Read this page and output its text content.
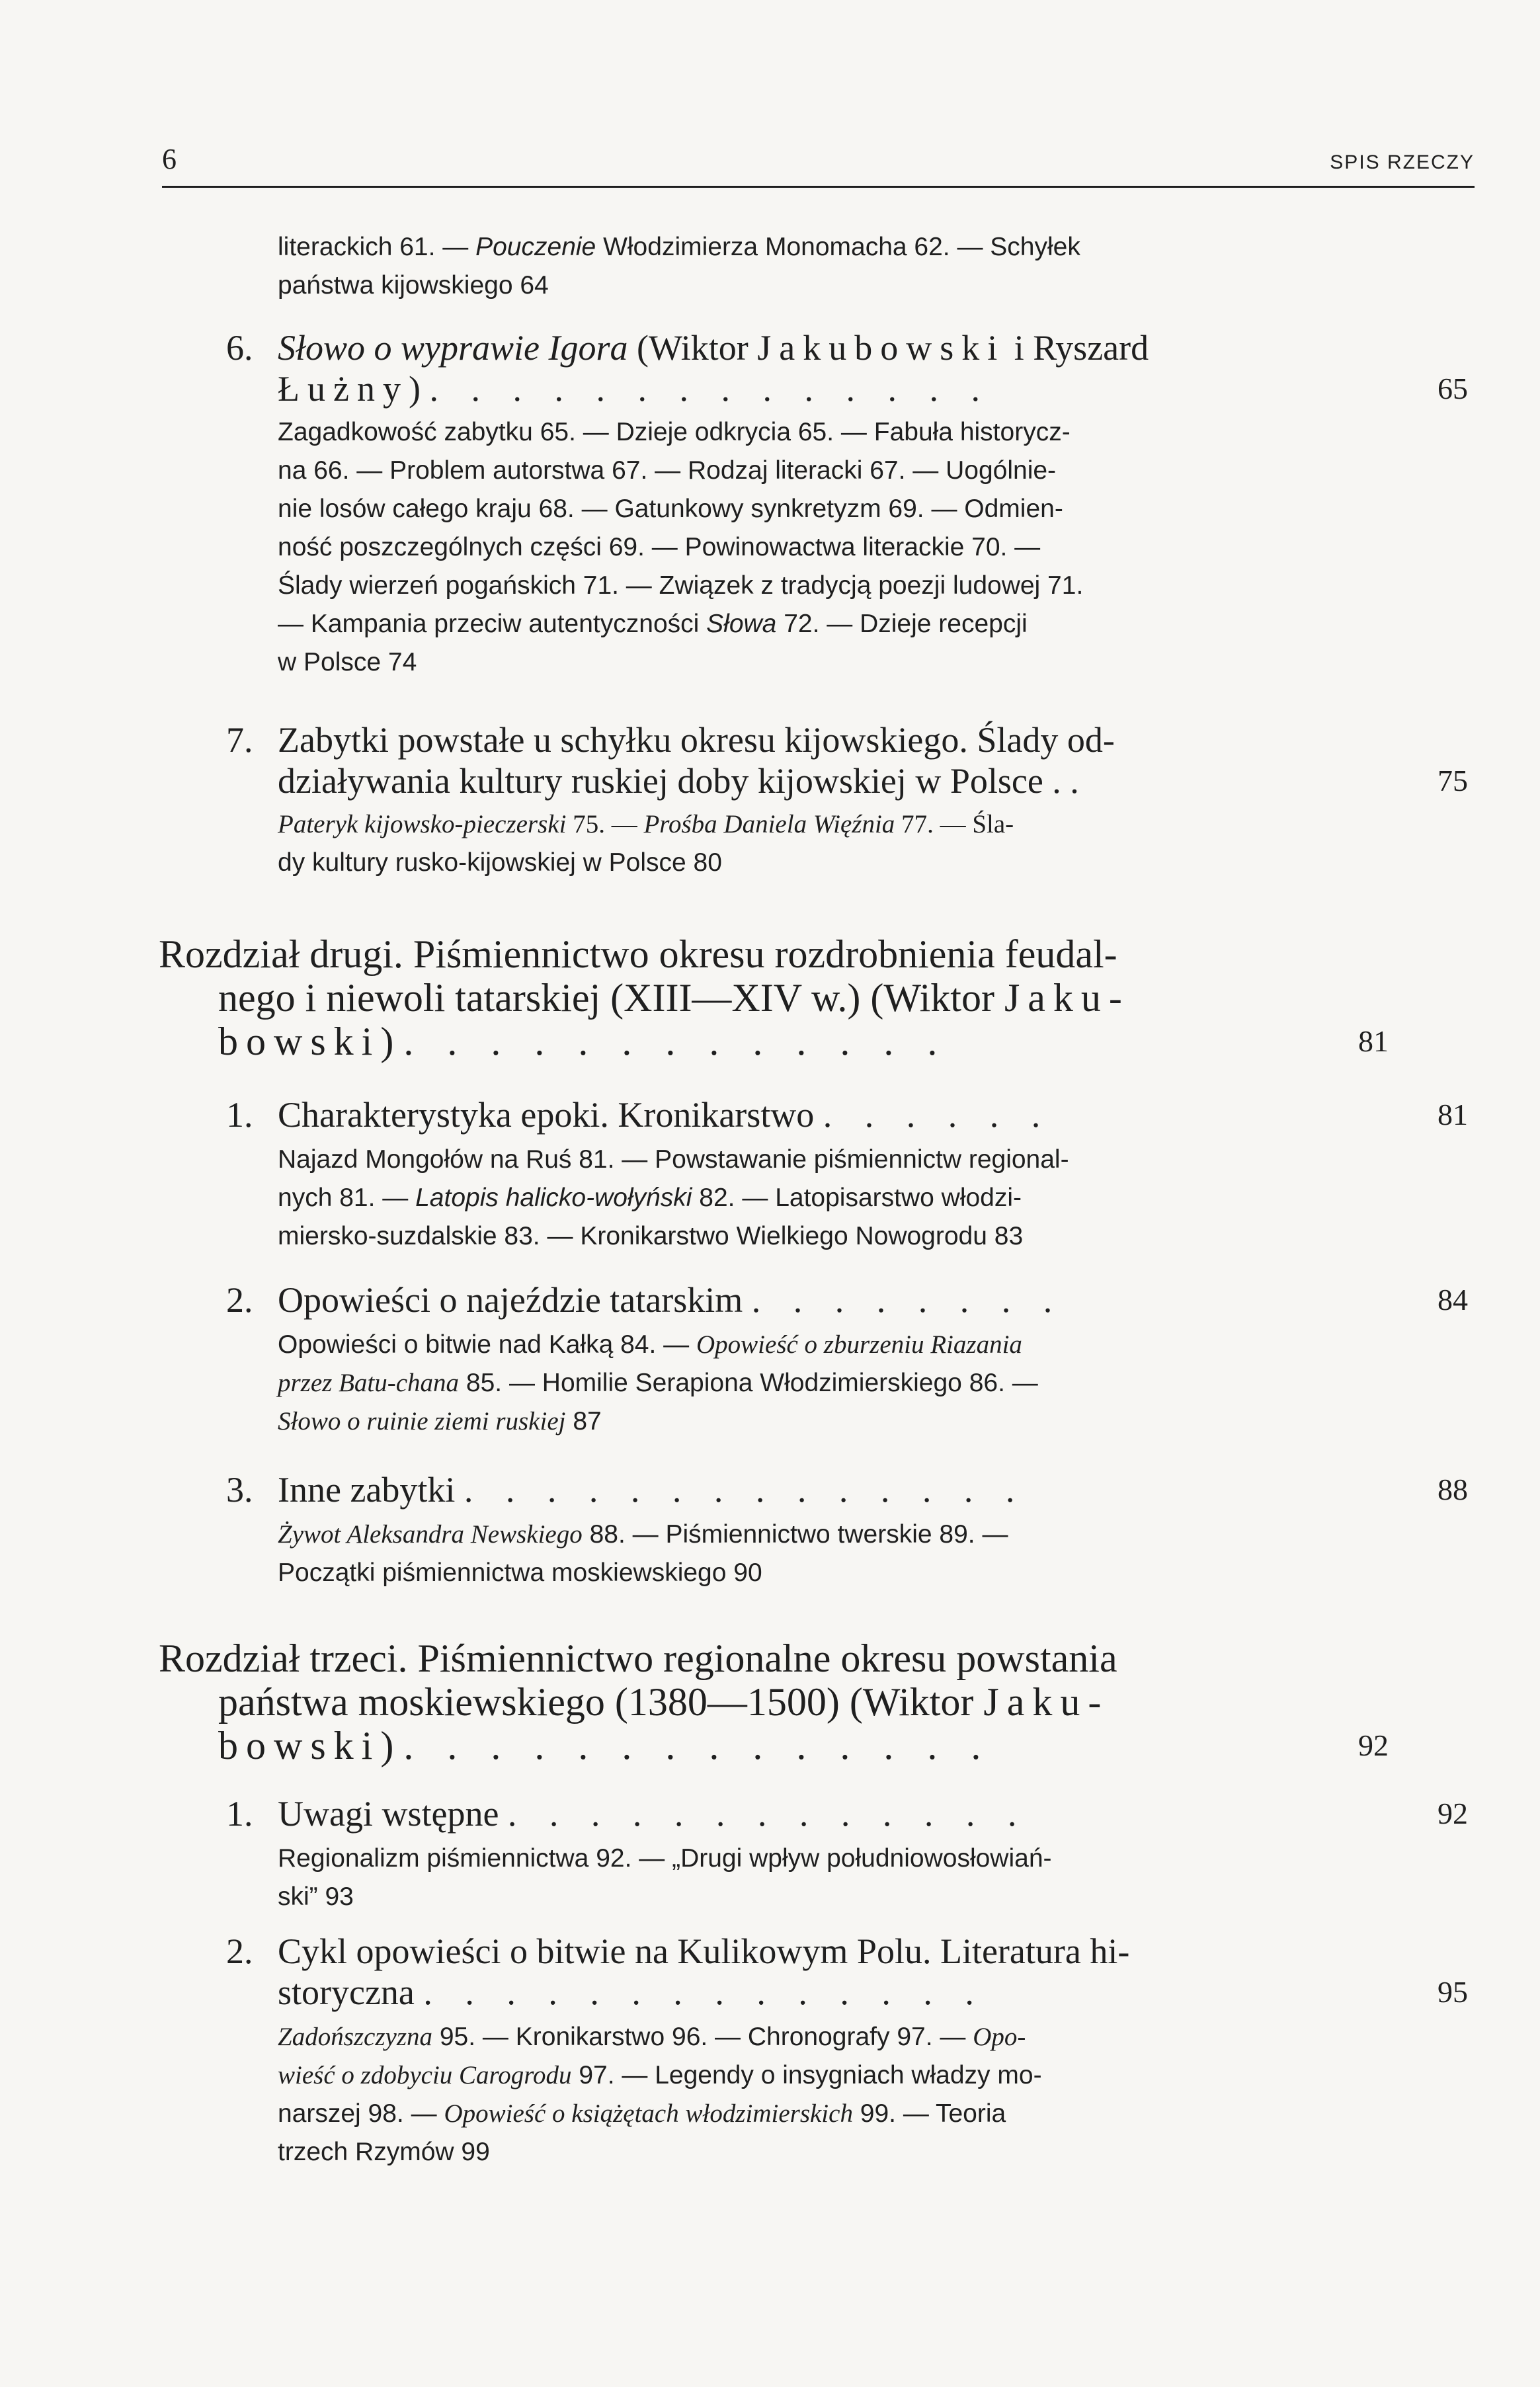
6	SPIS RZECZY
literackich 61. — Pouczenie Włodzimierza Monomacha 62. — Schyłek
państwa kijowskiego 64
6. Słowo o wyprawie Igora (Wiktor Jakubowski i Ryszard
Łużny) . . . . . . . . . . . . . .	65
Zagadkowość zabytku 65. — Dzieje odkrycia 65. — Fabuła historycz-
na 66. — Problem autorstwa 67. — Rodzaj literacki 67. — Uogólnie-
nie losów całego kraju 68. — Gatunkowy synkretyzm 69. — Odmien-
ność poszczególnych części 69. — Powinowactwa literackie 70. —
Ślady wierzeń pogańskich 71. — Związek z tradycją poezji ludowej 71.
— Kampania przeciw autentyczności Słowa 72. — Dzieje recepcji
w Polsce 74
7. Zabytki powstałe u schyłku okresu kijowskiego. Ślady od-
działywania kultury ruskiej doby kijowskiej w Polsce . .	75
Pateryk kijowsko-pieczerski 75. — Prośba Daniela Więźnia 77. — Śla-
dy kultury rusko-kijowskiej w Polsce 80
Rozdział drugi. Piśmiennictwo okresu rozdrobnienia feudal-
nego i niewoli tatarskiej (XIII—XIV w.) (Wiktor Jaku-
bowski) . . . . . . . . . . . . .	81
1. Charakterystyka epoki. Kronikarstwo . . . . . .	81
Najazd Mongołów na Ruś 81. — Powstawanie piśmiennictw regional-
nych 81. — Latopis halicko-wołyński 82. — Latopisarstwo włodzi-
miersko-suzdalskie 83. — Kronikarstwo Wielkiego Nowogrodu 83
2. Opowieści o najeździe tatarskim . . . . . . . .	84
Opowieści o bitwie nad Kałką 84. — Opowieść o zburzeniu Riazania
przez Batu-chana 85. — Homilie Serapiona Włodzimierskiego 86. —
Słowo o ruinie ziemi ruskiej 87
3. Inne zabytki . . . . . . . . . . . . . .	88
Żywot Aleksandra Newskiego 88. — Piśmiennictwo twerskie 89. —
Początki piśmiennictwa moskiewskiego 90
Rozdział trzeci. Piśmiennictwo regionalne okresu powstania
państwa moskiewskiego (1380—1500) (Wiktor Jaku-
bowski) . . . . . . . . . . . . . .	92
1. Uwagi wstępne . . . . . . . . . . . . .	92
Regionalizm piśmiennictwa 92. — „Drugi wpływ południowosłowiań-
ski” 93
2. Cykl opowieści o bitwie na Kulikowym Polu. Literatura hi-
storyczna . . . . . . . . . . . . . .	95
Zadońszczyzna 95. — Kronikarstwo 96. — Chronografy 97. — Opo-
wieść o zdobyciu Carogrodu 97. — Legendy o insygniach władzy mo-
narszej 98. — Opowieść o książętach włodzimierskich 99. — Teoria
trzech Rzymów 99
